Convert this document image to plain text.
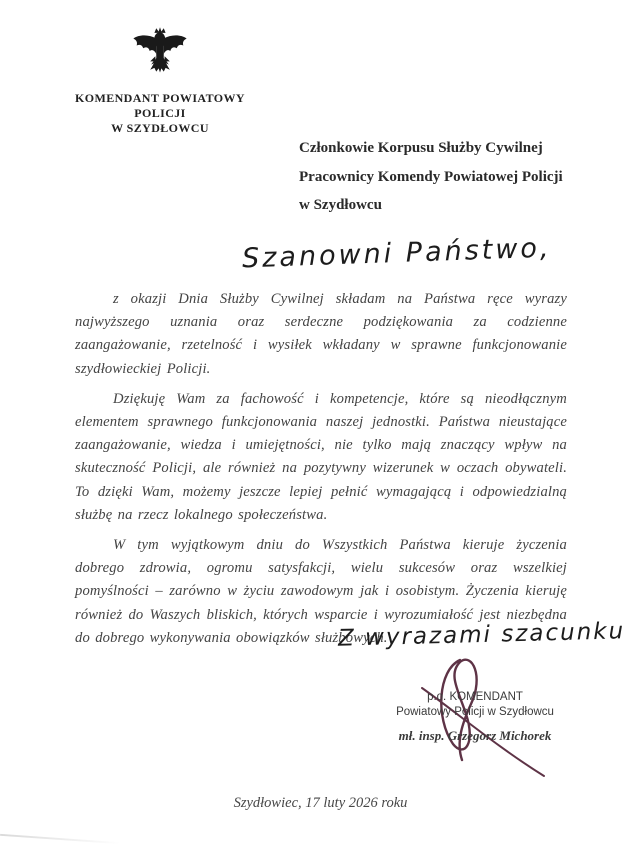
KOMENDANT POWIATOWY POLICJI
W SZYDŁOWCU
Członkowie Korpusu Służby Cywilnej
Pracownicy Komendy Powiatowej Policji
w Szydłowcu
Szanowni Państwo,

z okazji Dnia Służby Cywilnej składam na Państwa ręce wyrazy najwyższego uznania oraz serdeczne podziękowania za codzienne zaangażowanie, rzetelność i wysiłek wkładany w sprawne funkcjonowanie szydłowieckiej Policji.

Dziękuję Wam za fachowość i kompetencje, które są nieodłącznym elementem sprawnego funkcjonowania naszej jednostki. Państwa nieustające zaangażowanie, wiedza i umiejętności, nie tylko mają znaczący wpływ na skuteczność Policji, ale również na pozytywny wizerunek w oczach obywateli. To dzięki Wam, możemy jeszcze lepiej pełnić wymagającą i odpowiedzialną służbę na rzecz lokalnego społeczeństwa.

W tym wyjątkowym dniu do Wszystkich Państwa kieruje życzenia dobrego zdrowia, ogromu satysfakcji, wielu sukcesów oraz wszelkiej pomyślności – zarówno w życiu zawodowym jak i osobistym. Życzenia kieruję również do Waszych bliskich, których wsparcie i wyrozumiałość jest niezbędna do dobrego wykonywania obowiązków służbowych.

Z wyrazami szacunku
p.o. KOMENDANT
Powiatowy Policji w Szydłowcu
mł. insp. Grzegorz Michorek
Szydłowiec, 17 luty 2026 roku
